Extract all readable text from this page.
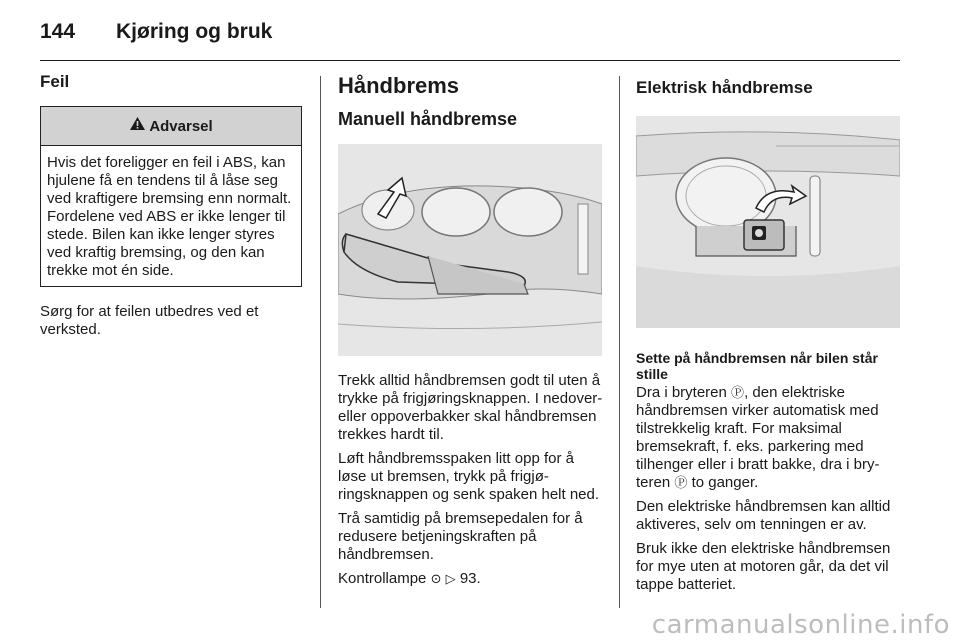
144 Kjøring og bruk
Feil
Advarsel

Hvis det foreligger en feil i ABS, kan hjulene få en tendens til å låse seg ved kraftigere bremsing enn normalt. Fordelene ved ABS er ikke lenger til stede. Bilen kan ikke lenger styres ved kraftig bremsing, og den kan trekke mot én side.

Sørg for at feilen utbedres ved et verksted.

Håndbrems
Manuell håndbremse

Trekk alltid håndbremsen godt til uten å trykke på frigjøringsknappen. I nedover- eller oppoverbakker skal håndbremsen trekkes hardt til.

Løft håndbremsspaken litt opp for å løse ut bremsen, trykk på frigjøringsknappen og senk spaken helt ned.

Trå samtidig på bremsepedalen for å redusere betjeningskraften på håndbremsen.

Kontrollampe ⊙ ▷ 93.

Elektrisk håndbremse

Sette på håndbremsen når bilen står stille

Dra i bryteren Ⓟ, den elektriske håndbremsen virker automatisk med tilstrekkelig kraft. For maksimal bremsekraft, f. eks. parkering med tilhenger eller i bratt bakke, dra i bryteren Ⓟ to ganger.

Den elektriske håndbremsen kan alltid aktiveres, selv om tenningen er av.

Bruk ikke den elektriske håndbremsen for mye uten at motoren går, da det vil tappe batteriet.

carmanualsonline.info
